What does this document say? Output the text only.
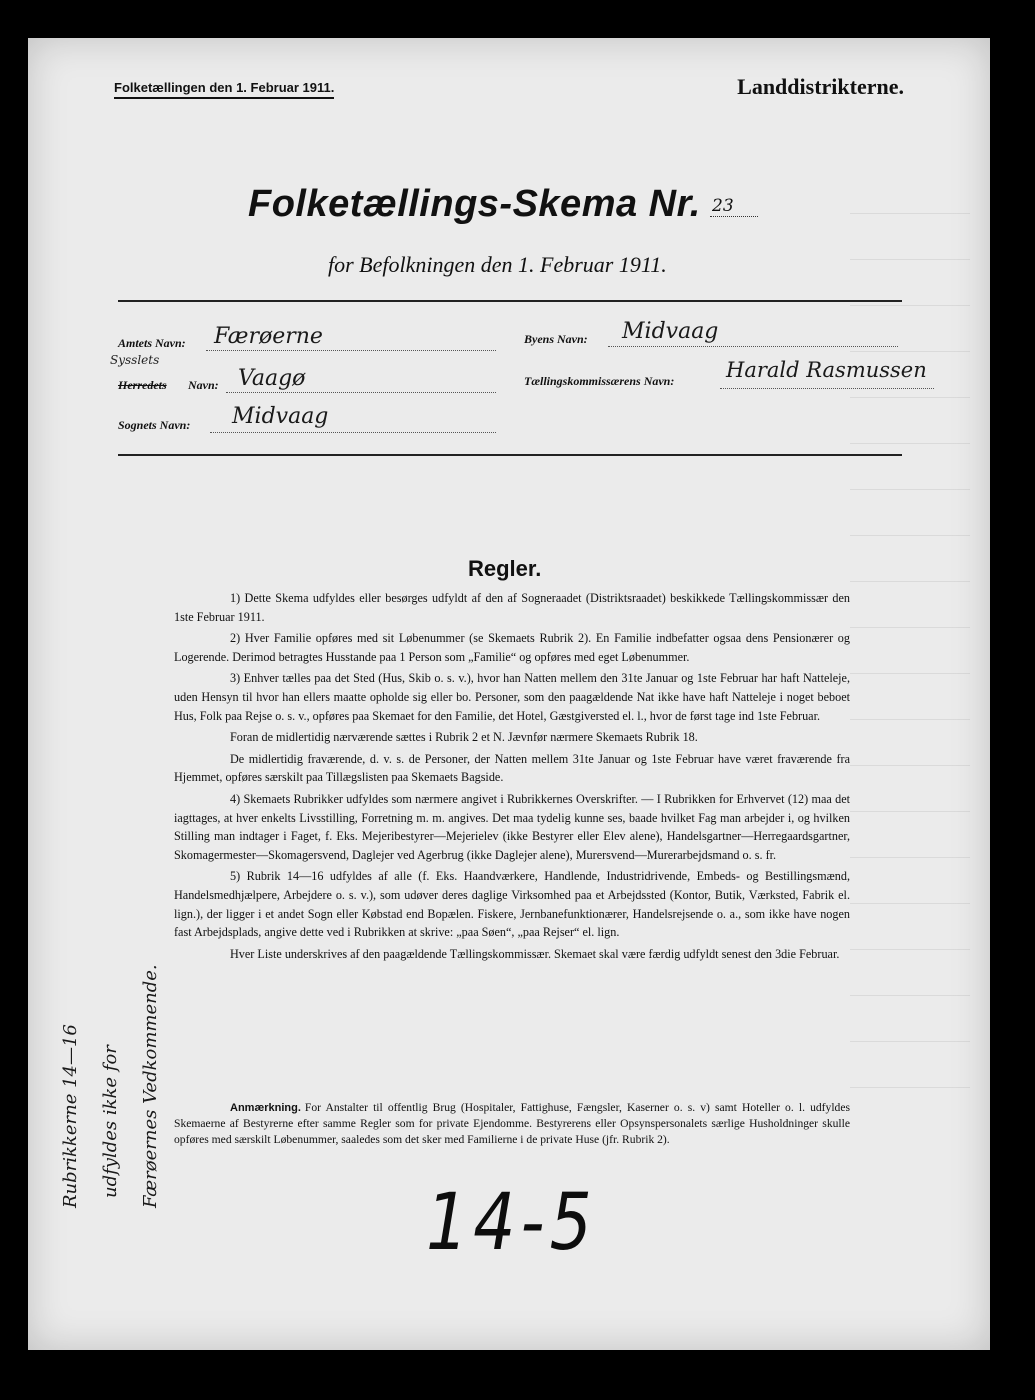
Folketællingen den 1. Februar 1911.	Landdistrikterne.
Folketællings-Skema Nr. 23
for Befolkningen den 1. Februar 1911.
Amtets Navn: Færøerne
Sysslets
Herredets Navn: Vaagø
Sognets Navn: Midvaag
Byens Navn: Midvaag
Tællingskommissærens Navn: Harald Rasmussen
Regler.

1) Dette Skema udfyldes eller besørges udfyldt af den af Sogneraadet (Distriktsraadet) beskikkede Tællingskommissær den 1ste Februar 1911.

2) Hver Familie opføres med sit Løbenummer (se Skemaets Rubrik 2). En Familie indbefatter ogsaa dens Pensionærer og Logerende. Derimod betragtes Husstande paa 1 Person som „Familie“ og opføres med eget Løbenummer.

3) Enhver tælles paa det Sted (Hus, Skib o. s. v.), hvor han Natten mellem den 31te Januar og 1ste Februar har haft Natteleje, uden Hensyn til hvor han ellers maatte opholde sig eller bo. Personer, som den paagældende Nat ikke have haft Natteleje i noget beboet Hus, Folk paa Rejse o. s. v., opføres paa Skemaet for den Familie, det Hotel, Gæstgiversted el. l., hvor de først tage ind 1ste Februar.

Foran de midlertidig nærværende sættes i Rubrik 2 et N. Jævnfør nærmere Skemaets Rubrik 18.

De midlertidig fraværende, d. v. s. de Personer, der Natten mellem 31te Januar og 1ste Februar have været fraværende fra Hjemmet, opføres særskilt paa Tillægslisten paa Skemaets Bagside.

4) Skemaets Rubrikker udfyldes som nærmere angivet i Rubrikkernes Overskrifter. — I Rubrikken for Erhvervet (12) maa det iagttages, at hver enkelts Livsstilling, Forretning m. m. angives. Det maa tydelig kunne ses, baade hvilket Fag man arbejder i, og hvilken Stilling man indtager i Faget, f. Eks. Mejeribestyrer—Mejerielev (ikke Bestyrer eller Elev alene), Handelsgartner—Herregaardsgartner, Skomagermester—Skomagersvend, Daglejer ved Agerbrug (ikke Daglejer alene), Murersvend—Murerarbejdsmand o. s. fr.

5) Rubrik 14—16 udfyldes af alle (f. Eks. Haandværkere, Handlende, Industridrivende, Embeds- og Bestillingsmænd, Handelsmedhjælpere, Arbejdere o. s. v.), som udøver deres daglige Virksomhed paa et Arbejdssted (Kontor, Butik, Værksted, Fabrik el. lign.), der ligger i et andet Sogn eller Købstad end Bopælen. Fiskere, Jernbanefunktionærer, Handelsrejsende o. a., som ikke have nogen fast Arbejdsplads, angive dette ved i Rubrikken at skrive: „paa Søen“, „paa Rejser“ el. lign.

Hver Liste underskrives af den paagældende Tællingskommissær. Skemaet skal være færdig udfyldt senest den 3die Februar.

Anmærkning. For Anstalter til offentlig Brug (Hospitaler, Fattighuse, Fængsler, Kaserner o. s. v) samt Hoteller o. l. udfyldes Skemaerne af Bestyrerne efter samme Regler som for private Ejendomme. Bestyrerens eller Opsynspersonalets særlige Husholdninger skulle opføres med særskilt Løbenummer, saaledes som det sker med Familierne i de private Huse (jfr. Rubrik 2).
Rubrikkerne 14—16 udfyldes ikke for Færøernes Vedkommende.
14-5
